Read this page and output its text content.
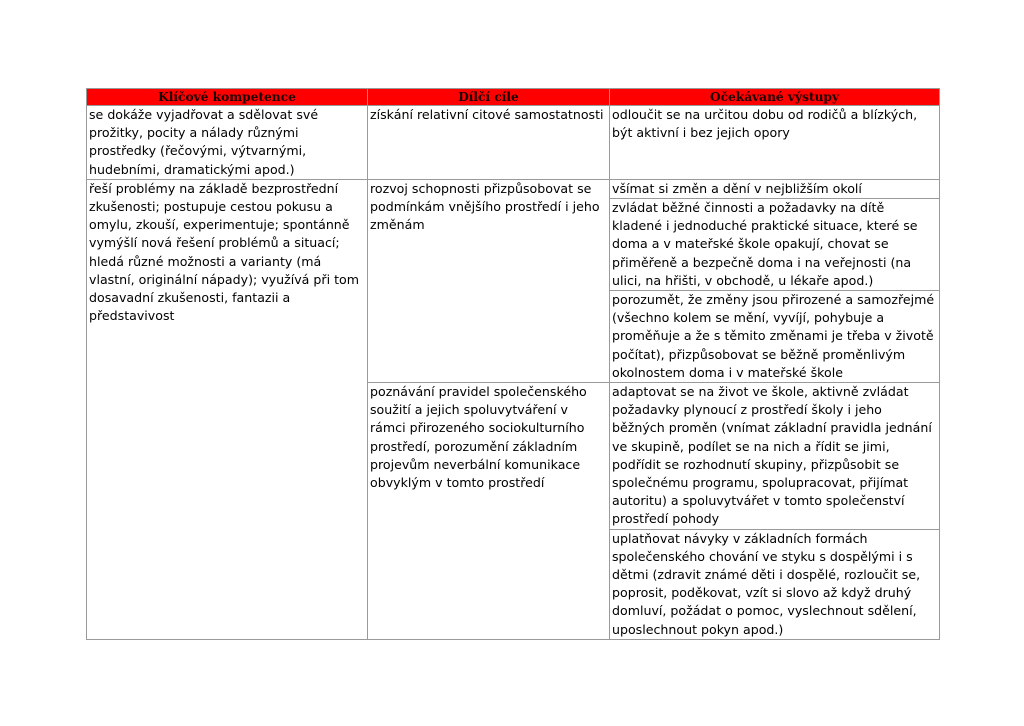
Klíčové kompetence	Dílčí cíle	Očekávané výstupy
se dokáže vyjadřovat a sdělovat své prožitky, pocity a nálady různými prostředky (řečovými, výtvarnými, hudebními, dramatickými apod.)	získání relativní citové samostatnosti	odloučit se na určitou dobu od rodičů a blízkých, být aktivní i bez jejich opory
řeší problémy na základě bezprostřední zkušenosti; postupuje cestou pokusu a omylu, zkouší, experimentuje; spontánně vymýšlí nová řešení problémů a situací; hledá různé možnosti a varianty (má vlastní, originální nápady); využívá při tom dosavadní zkušenosti, fantazii a představivost	rozvoj schopnosti přizpůsobovat se podmínkám vnějšího prostředí i jeho změnám	všímat si změn a dění v nejbližším okolí
		zvládat běžné činnosti a požadavky na dítě kladené i jednoduché praktické situace, které se doma a v mateřské škole opakují, chovat se přiměřeně a bezpečně doma i na veřejnosti (na ulici, na hřišti, v obchodě, u lékaře apod.)
		porozumět, že změny jsou přirozené a samozřejmé (všechno kolem se mění, vyvíjí, pohybuje a proměňuje a že s těmito změnami je třeba v životě počítat), přizpůsobovat se běžně proměnlivým okolnostem doma i v mateřské škole
	poznávání pravidel společenského soužití a jejich spoluvytváření v rámci přirozeného sociokulturního prostředí, porozumění základním projevům neverbální komunikace obvyklým v tomto prostředí	adaptovat se na život ve škole, aktivně zvládat požadavky plynoucí z prostředí školy i jeho běžných proměn (vnímat základní pravidla jednání ve skupině, podílet se na nich a řídit se jimi, podřídit se rozhodnutí skupiny, přizpůsobit se společnému programu, spolupracovat, přijímat autoritu) a spoluvytvářet v tomto společenství prostředí pohody
		uplatňovat návyky v základních formách společenského chování ve styku s dospělými i s dětmi (zdravit známé děti i dospělé, rozloučit se, poprosit, poděkovat, vzít si slovo až když druhý domluví, požádat o pomoc, vyslechnout sdělení, uposlechnout pokyn apod.)
